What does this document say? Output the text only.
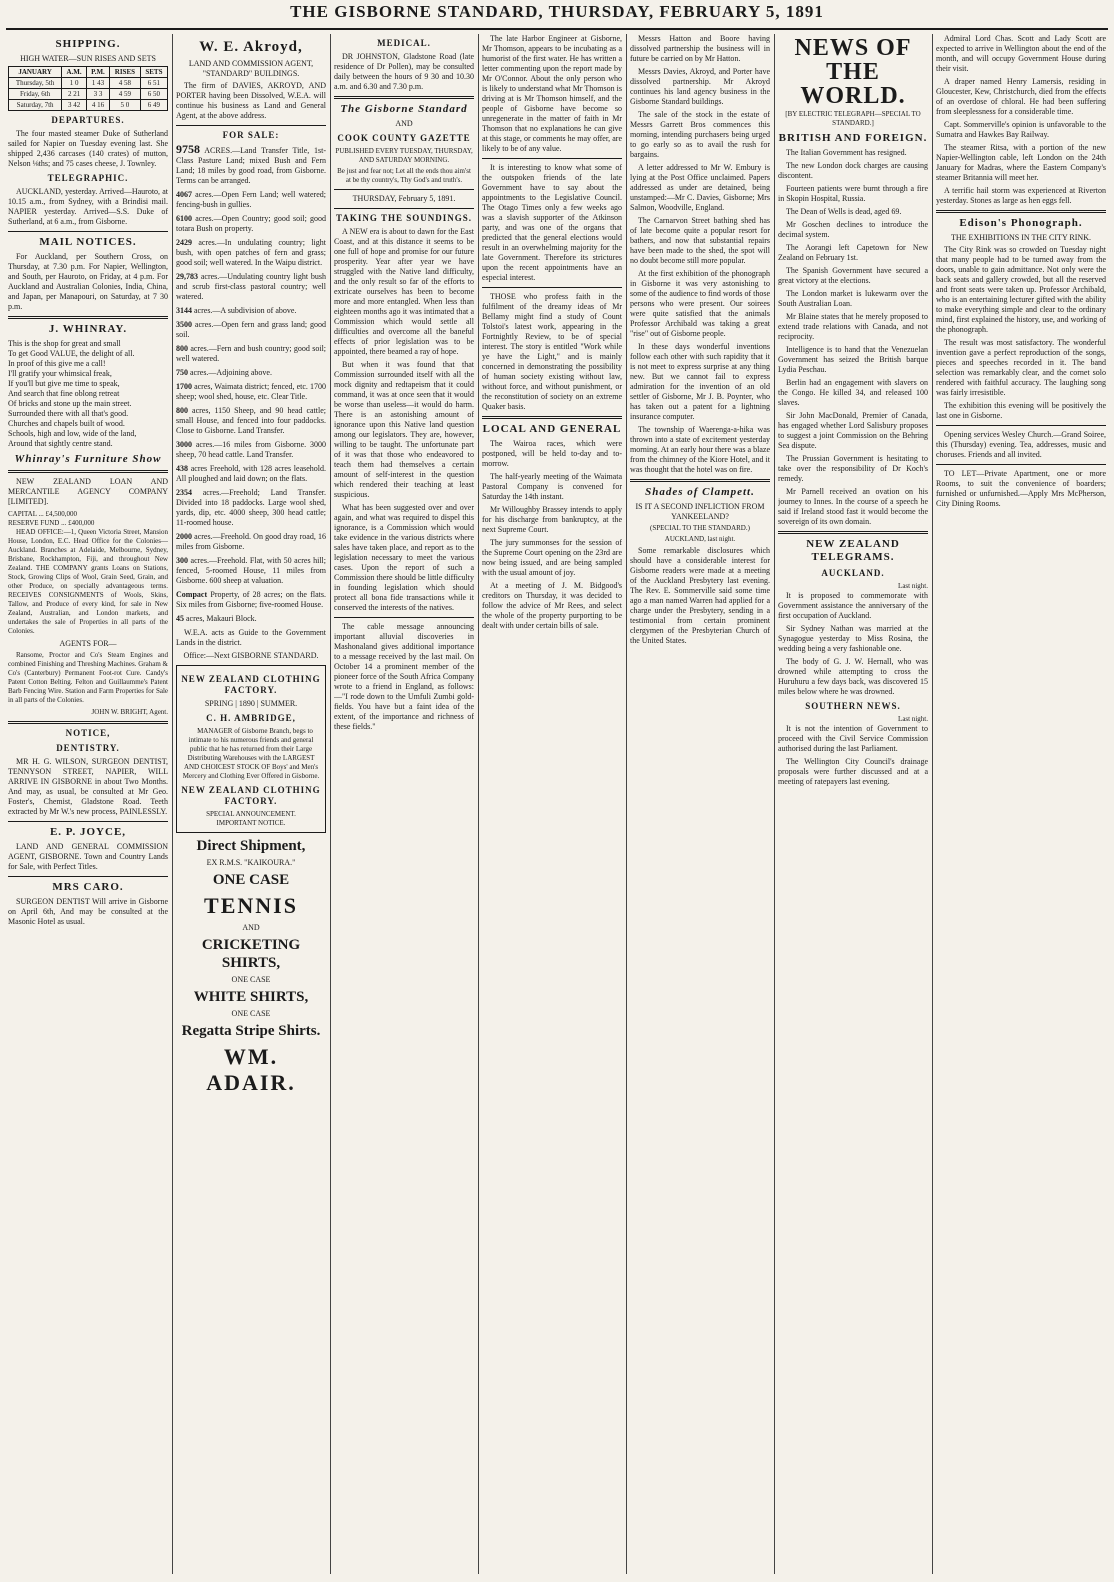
THE GISBORNE STANDARD, THURSDAY, FEBRUARY 5, 1891
SHIPPING.
HIGH WATER—SUN RISES AND SETS
JANUARY	A.M.	P.M.	RISES	SETS
Thursday, 5th	1 0	1 43	4 58	6 51
Friday, 6th	2 21	3 3	4 59	6 50
Saturday, 7th	3 42	4 16	5 0	6 49
DEPARTURES.

The four masted steamer Duke of Sutherland sailed for Napier on Tuesday evening last. She shipped 2,436 carcases (140 crates) of mutton, Nelson ⅛ths; and 75 cases cheese, J. Townley.

TELEGRAPHIC.

AUCKLAND, yesterday. Arrived—Hauroto, at 10.15 a.m., from Sydney, with a Brindisi mail. NAPIER yesterday. Arrived—S.S. Duke of Sutherland, at 6 a.m., from Gisborne.

MAIL NOTICES.

For Auckland, per Southern Cross, on Thursday, at 7.30 p.m. For Napier, Wellington, and South, per Hauroto, on Friday, at 4 p.m. For Auckland and Australian Colonies, India, China, and Japan, per Manapouri, on Saturday, at 7 30 p.m.

J. WHINRAY.
This is the shop for great and small
To get Good VALUE, the delight of all.
In proof of this give me a call!
I'll gratify your whimsical freak,
If you'll but give me time to speak,
And search that fine oblong retreat
Of bricks and stone up the main street.
Surrounded there with all that's good.
Churches and chapels built of wood.
Schools, high and low, wide of the land,
Around that sightly centre stand.
Whinray's Furniture Show

NEW ZEALAND LOAN AND MERCANTILE AGENCY COMPANY [LIMITED].

CAPITAL ... £4,500,000
RESERVE FUND ... £400,000

HEAD OFFICE:—1, Queen Victoria Street, Mansion House, London, E.C. Head Office for the Colonies—Auckland. Branches at Adelaide, Melbourne, Sydney, Brisbane, Rockhampton, Fiji, and throughout New Zealand. THE COMPANY grants Loans on Stations, Stock, Growing Clips of Wool, Grain Seed, Grain, and other Produce, on specially advantageous terms. RECEIVES CONSIGNMENTS of Wools, Skins, Tallow, and Produce of every kind, for sale in New Zealand, Australian, and London markets, and undertakes the sale of Properties in all parts of the Colonies.

AGENTS FOR—

Ransome, Proctor and Co's Steam Engines and combined Finishing and Threshing Machines. Graham & Co's (Canterbury) Permanent Foot-rot Cure. Candy's Patent Cotton Belting. Felton and Guillaumme's Patent Barb Fencing Wire. Station and Farm Properties for Sale in all parts of the Colonies.

JOHN W. BRIGHT, Agent.
NOTICE,
DENTISTRY.

MR H. G. WILSON, SURGEON DENTIST, TENNYSON STREET, NAPIER, WILL ARRIVE IN GISBORNE in about Two Months. And may, as usual, be consulted at Mr Geo. Foster's, Chemist, Gladstone Road. Teeth extracted by Mr W.'s new process, PAINLESSLY.

E. P. JOYCE,

LAND AND GENERAL COMMISSION AGENT, GISBORNE. Town and Country Lands for Sale, with Perfect Titles.

MRS CARO.

SURGEON DENTIST Will arrive in Gisborne on April 6th, And may be consulted at the Masonic Hotel as usual.

W. E. Akroyd,
LAND AND COMMISSION AGENT, "STANDARD" BUILDINGS.

The firm of DAVIES, AKROYD, AND PORTER having been Dissolved, W.E.A. will continue his business as Land and General Agent, at the above address.

FOR SALE:

9758 ACRES.—Land Transfer Title, 1st-Class Pasture Land; mixed Bush and Fern Land; 18 miles by good road, from Gisborne. Terms can be arranged.

4067 acres.—Open Fern Land; well watered; fencing-bush in gullies.

6100 acres.—Open Country; good soil; good totara Bush on property.

2429 acres.—In undulating country; light bush, with open patches of fern and grass; good soil; well watered. In the Waipu district.

29,783 acres.—Undulating country light bush and scrub first-class pastoral country; well watered.

3144 acres.—A subdivision of above.

3500 acres.—Open fern and grass land; good soil.

800 acres.—Fern and bush country; good soil; well watered.

750 acres.—Adjoining above.

1700 acres, Waimata district; fenced, etc. 1700 sheep; wool shed, house, etc. Clear Title.

800 acres, 1150 Sheep, and 90 head cattle; small House, and fenced into four paddocks. Close to Gisborne. Land Transfer.

3000 acres.—16 miles from Gisborne. 3000 sheep, 70 head cattle. Land Transfer.

438 acres Freehold, with 128 acres leasehold. All ploughed and laid down; on the flats.

2354 acres.—Freehold; Land Transfer. Divided into 18 paddocks. Large wool shed, yards, dip, etc. 4000 sheep, 300 head cattle; 11-roomed house.

2000 acres.—Freehold. On good dray road, 16 miles from Gisborne.

300 acres.—Freehold. Flat, with 50 acres hill; fenced, 5-roomed House, 11 miles from Gisborne. 600 sheep at valuation.

Compact Property, of 28 acres; on the flats. Six miles from Gisborne; five-roomed House.

45 acres, Makauri Block.

W.E.A. acts as Guide to the Government Lands in the district.

Office:—Next GISBORNE STANDARD.
NEW ZEALAND CLOTHING FACTORY.
SPRING | 1890 | SUMMER.
C. H. AMBRIDGE,

MANAGER of Gisborne Branch, begs to intimate to his numerous friends and general public that he has returned from their Large Distributing Warehouses with the LARGEST AND CHOICEST STOCK OF Boys' and Men's Mercery and Clothing Ever Offered in Gisborne.

NEW ZEALAND CLOTHING FACTORY.
SPECIAL ANNOUNCEMENT.
IMPORTANT NOTICE.
Direct Shipment,
EX R.M.S. "KAIKOURA."
ONE CASE
TENNIS
AND
CRICKETING SHIRTS,
ONE CASE
WHITE SHIRTS,
ONE CASE
Regatta Stripe Shirts.
WM. ADAIR.
MEDICAL.

DR JOHNSTON, Gladstone Road (late residence of Dr Pollen), may be consulted daily between the hours of 9 30 and 10.30 a.m. and 6.30 and 7.30 p.m.

The Gisborne Standard
AND
COOK COUNTY GAZETTE
PUBLISHED EVERY TUESDAY, THURSDAY, AND SATURDAY MORNING.
Be just and fear not; Let all the ends thou aim'st at be thy country's, Thy God's and truth's.
THURSDAY, February 5, 1891.
TAKING THE SOUNDINGS.

A NEW era is about to dawn for the East Coast, and at this distance it seems to be one full of hope and promise for our future prosperity. Year after year we have struggled with the Native land difficulty, and the only result so far of the efforts to extricate ourselves has been to become more and more entangled. When less than eighteen months ago it was intimated that a Commission which would settle all difficulties and overcome all the baneful effects of prior legislation was to be appointed, there beamed a ray of hope.

But when it was found that that Commission surrounded itself with all the mock dignity and redtapeism that it could command, it was at once seen that it would be worse than useless—it would do harm. There is an astonishing amount of ignorance upon this Native land question among our legislators. They are, however, willing to be taught. The unfortunate part of it was that those who endeavored to teach them had themselves a certain amount of self-interest in the question which rendered their teaching at least suspicious.

What has been suggested over and over again, and what was required to dispel this ignorance, is a Commission which would take evidence in the various districts where sales have taken place, and report as to the legislation necessary to meet the various cases. Upon the report of such a Commission there should be little difficulty in founding legislation which should protect all bona fide transactions while it conserved the interests of the natives.

The cable message announcing important alluvial discoveries in Mashonaland gives additional importance to a message received by the last mail. On October 14 a prominent member of the pioneer force of the South Africa Company wrote to a friend in England, as follows:—"I rode down to the Umfuli Zumbi gold-fields. You have but a faint idea of the extent, of the importance and richness of these fields."

The late Harbor Engineer at Gisborne, Mr Thomson, appears to be incubating as a humorist of the first water. He has written a letter commenting upon the report made by Mr O'Connor. About the only person who is likely to understand what Mr Thomson is driving at is Mr Thomson himself, and the people of Gisborne have become so unregenerate in the matter of faith in Mr Thomson that no explanations he can give at this stage, or comments he may offer, are likely to be of any value.

It is interesting to know what some of the outspoken friends of the late Government have to say about the appointments to the Legislative Council. The Otago Times only a few weeks ago was a slavish supporter of the Atkinson party, and was one of the organs that predicted that the general elections would result in an overwhelming majority for the late Government. Therefore its strictures upon the recent appointments have an especial interest.

THOSE who profess faith in the fulfilment of the dreamy ideas of Mr Bellamy might find a study of Count Tolstoi's latest work, appearing in the Fortnightly Review, to be of special interest. The story is entitled "Work while ye have the Light," and is mainly concerned in demonstrating the possibility of human society existing without law, without force, and without punishment, or the reconstitution of society on an extreme Quaker basis.

LOCAL AND GENERAL

The Wairoa races, which were postponed, will be held to-day and to-morrow.

The half-yearly meeting of the Waimata Pastoral Company is convened for Saturday the 14th instant.

Mr Willoughby Brassey intends to apply for his discharge from bankruptcy, at the next Supreme Court.

The jury summonses for the session of the Supreme Court opening on the 23rd are now being issued, and are being sampled with the usual amount of joy.

At a meeting of J. M. Bidgood's creditors on Thursday, it was decided to follow the advice of Mr Rees, and select the whole of the property purporting to be dealt with under certain bills of sale.

Messrs Hatton and Boore having dissolved partnership the business will in future be carried on by Mr Hatton.

Messrs Davies, Akroyd, and Porter have dissolved partnership. Mr Akroyd continues his land agency business in the Gisborne Standard buildings.

The sale of the stock in the estate of Messrs Garrett Bros commences this morning, intending purchasers being urged to go early so as to avail the rush for bargains.

A letter addressed to Mr W. Embury is lying at the Post Office unclaimed. Papers addressed as under are detained, being unstamped:—Mr C. Davies, Gisborne; Mrs Salmon, Woodville, England.

The Carnarvon Street bathing shed has of late become quite a popular resort for bathers, and now that substantial repairs have been made to the shed, the spot will no doubt become still more popular.

At the first exhibition of the phonograph in Gisborne it was very astonishing to some of the audience to find words of those persons who were present. Our soirees were quite satisfied that the animals Professor Archibald was taking a great "rise" out of Gisborne people.

In these days wonderful inventions follow each other with such rapidity that it is not meet to express surprise at any thing new. But we cannot fail to express admiration for the invention of an old settler of Gisborne, Mr J. B. Poynter, who has taken out a patent for a lightning insurance computer.

The township of Waerenga-a-hika was thrown into a state of excitement yesterday morning. At an early hour there was a blaze from the chimney of the Kiore Hotel, and it was thought that the hotel was on fire.

Shades of Clampett.
IS IT A SECOND INFLICTION FROM YANKEELAND?
(SPECIAL TO THE STANDARD.)
AUCKLAND, last night.

Some remarkable disclosures which should have a considerable interest for Gisborne readers were made at a meeting of the Auckland Presbytery last evening. The Rev. E. Sommerville said some time ago a man named Warren had applied for a charge under the Presbytery, sending in a testimonial from certain prominent clergymen of the Presbyterian Church of the United States.

NEWS OF THE WORLD.
[BY ELECTRIC TELEGRAPH—SPECIAL TO STANDARD.]
BRITISH AND FOREIGN.

The Italian Government has resigned.

The new London dock charges are causing discontent.

Fourteen patients were burnt through a fire in Skopin Hospital, Russia.

The Dean of Wells is dead, aged 69.

Mr Goschen declines to introduce the decimal system.

The Aorangi left Capetown for New Zealand on February 1st.

The Spanish Government have secured a great victory at the elections.

The London market is lukewarm over the South Australian Loan.

Mr Blaine states that he merely proposed to extend trade relations with Canada, and not reciprocity.

Intelligence is to hand that the Venezuelan Government has seized the British barque Lydia Peschau.

Berlin had an engagement with slavers on the Congo. He killed 34, and released 100 slaves.

Sir John MacDonald, Premier of Canada, has engaged whether Lord Salisbury proposes to suggest a joint Commission on the Behring Sea dispute.

The Prussian Government is hesitating to take over the responsibility of Dr Koch's remedy.

Mr Parnell received an ovation on his journey to Innes. In the course of a speech he said if Ireland stood fast it would become the sovereign of its own domain.

NEW ZEALAND TELEGRAMS.
AUCKLAND.
Last night.

It is proposed to commemorate with Government assistance the anniversary of the first occupation of Auckland.

Sir Sydney Nathan was married at the Synagogue yesterday to Miss Rosina, the wedding being a very fashionable one.

The body of G. J. W. Hernall, who was drowned while attempting to cross the Huruhuru a few days back, was discovered 15 miles below where he was drowned.

SOUTHERN NEWS.
Last night.

It is not the intention of Government to proceed with the Civil Service Commission authorised during the last Parliament.

The Wellington City Council's drainage proposals were further discussed and at a meeting of ratepayers last evening.

Admiral Lord Chas. Scott and Lady Scott are expected to arrive in Wellington about the end of the month, and will occupy Government House during their visit.

A draper named Henry Lamersis, residing in Gloucester, Kew, Christchurch, died from the effects of an overdose of chloral. He had been suffering from sleeplessness for a considerable time.

Capt. Sommerville's opinion is unfavorable to the Sumatra and Hawkes Bay Railway.

The steamer Ritsa, with a portion of the new Napier-Wellington cable, left London on the 24th January for Madras, where the Eastern Company's steamer Britannia will meet her.

A terrific hail storm was experienced at Riverton yesterday. Stones as large as hen eggs fell.

Edison's Phonograph.
THE EXHIBITIONS IN THE CITY RINK.

The City Rink was so crowded on Tuesday night that many people had to be turned away from the doors, unable to gain admittance. Not only were the back seats and gallery crowded, but all the reserved and front seats were taken up. Professor Archibald, who is an entertaining lecturer gifted with the ability to make everything simple and clear to the ordinary mind, first explained the history, use, and working of the phonograph.

The result was most satisfactory. The wonderful invention gave a perfect reproduction of the songs, pieces and speeches recorded in it. The band selection was remarkably clear, and the cornet solo rendered with faithful accuracy. The laughing song was fairly irresistible.

The exhibition this evening will be positively the last one in Gisborne.

Opening services Wesley Church.—Grand Soiree, this (Thursday) evening. Tea, addresses, music and choruses. Friends and all invited.

TO LET—Private Apartment, one or more Rooms, to suit the convenience of boarders; furnished or unfurnished.—Apply Mrs McPherson, City Dining Rooms.
